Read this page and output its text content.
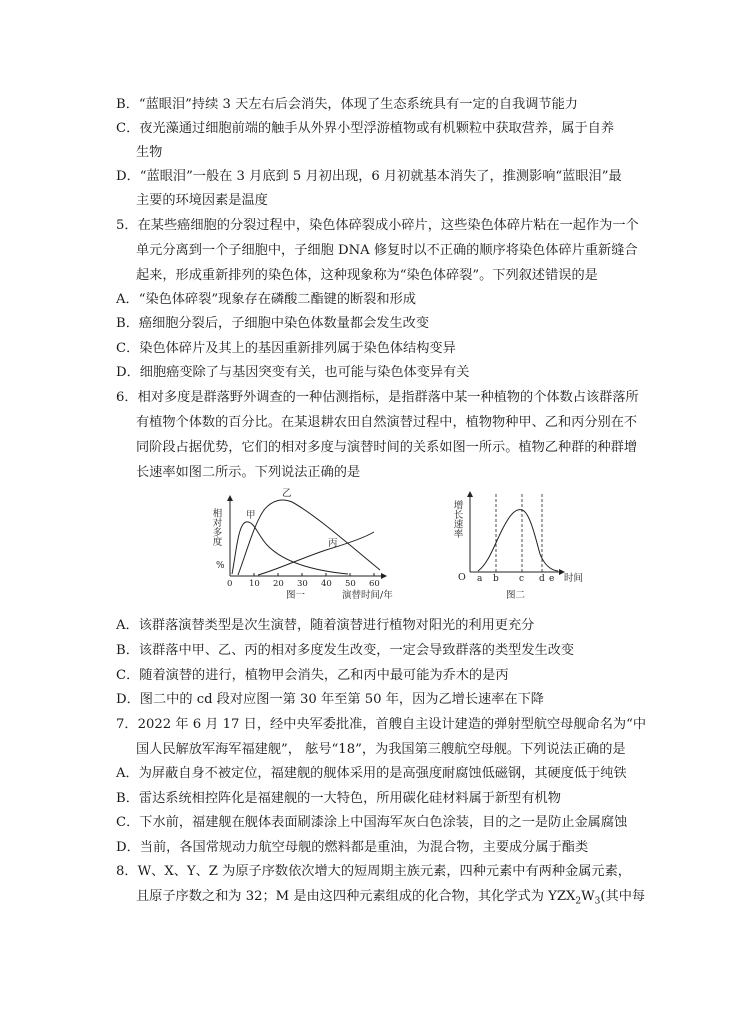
B．“蓝眼泪”持续 3 天左右后会消失，体现了生态系统具有一定的自我调节能力
C．夜光藻通过细胞前端的触手从外界小型浮游植物或有机颗粒中获取营养，属于自养
生物
D．“蓝眼泪”一般在 3 月底到 5 月初出现，6 月初就基本消失了，推测影响“蓝眼泪”最
主要的环境因素是温度
5．在某些癌细胞的分裂过程中，染色体碎裂成小碎片，这些染色体碎片粘在一起作为一个
单元分离到一个子细胞中，子细胞 DNA 修复时以不正确的顺序将染色体碎片重新缝合
起来，形成重新排列的染色体，这种现象称为“染色体碎裂”。下列叙述错误的是
A．“染色体碎裂”现象存在磷酸二酯键的断裂和形成
B．癌细胞分裂后，子细胞中染色体数量都会发生改变
C．染色体碎片及其上的基因重新排列属于染色体结构变异
D．细胞癌变除了与基因突变有关，也可能与染色体变异有关
6．相对多度是群落野外调查的一种估测指标，是指群落中某一种植物的个体数占该群落所
有植物个体数的百分比。在某退耕农田自然演替过程中，植物物种甲、乙和丙分别在不
同阶段占据优势，它们的相对多度与演替时间的关系如图一所示。植物乙种群的种群增
长速率如图二所示。下列说法正确的是
相对多度
%
0 10 20 30 40 50 60
甲
乙
丙
演替时间/年
图一
增长速率
O a b c d e 时间
图二
A．该群落演替类型是次生演替，随着演替进行植物对阳光的利用更充分
B．该群落中甲、乙、丙的相对多度发生改变，一定会导致群落的类型发生改变
C．随着演替的进行，植物甲会消失，乙和丙中最可能为乔木的是丙
D．图二中的 cd 段对应图一第 30 年至第 50 年，因为乙增长速率在下降
7．2022 年 6 月 17 日，经中央军委批准，首艘自主设计建造的弹射型航空母舰命名为“中
国人民解放军海军福建舰”， 舷号“18”，为我国第三艘航空母舰。下列说法正确的是
A．为屏蔽自身不被定位，福建舰的舰体采用的是高强度耐腐蚀低磁钢，其硬度低于纯铁
B．雷达系统相控阵化是福建舰的一大特色，所用碳化硅材料属于新型有机物
C．下水前，福建舰在舰体表面刷漆涂上中国海军灰白色涂装，目的之一是防止金属腐蚀
D．当前，各国常规动力航空母舰的燃料都是重油，为混合物，主要成分属于酯类
8．W、X、Y、Z 为原子序数依次增大的短周期主族元素，四种元素中有两种金属元素，
且原子序数之和为 32；M 是由这四种元素组成的化合物，其化学式为 $YZX_2W_3$(其中每
